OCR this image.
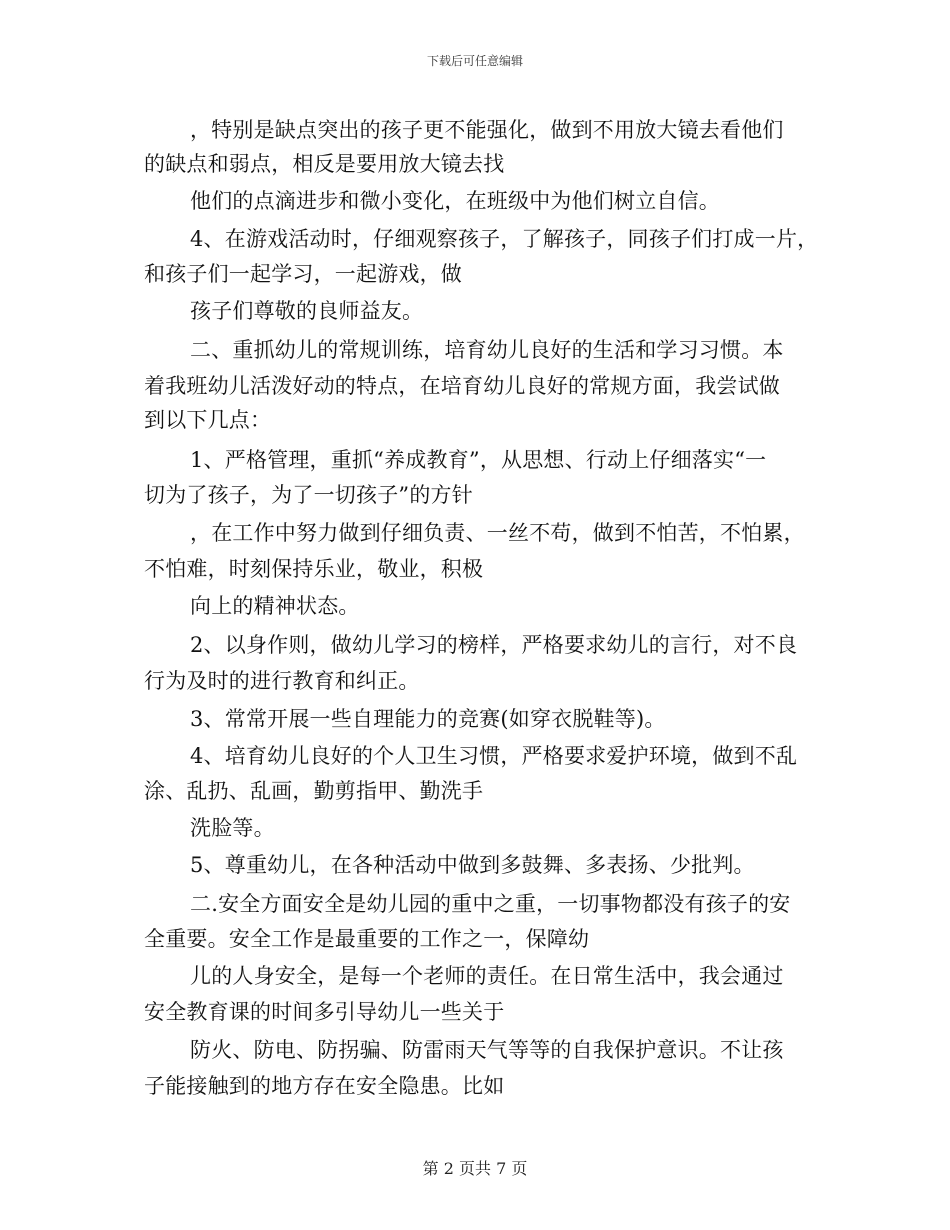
下载后可任意编辑
，特别是缺点突出的孩子更不能强化，做到不用放大镜去看他们
的缺点和弱点，相反是要用放大镜去找
他们的点滴进步和微小变化，在班级中为他们树立自信。
4、在游戏活动时，仔细观察孩子，了解孩子，同孩子们打成一片，
和孩子们一起学习，一起游戏，做
孩子们尊敬的良师益友。
二、重抓幼儿的常规训练，培育幼儿良好的生活和学习习惯。本
着我班幼儿活泼好动的特点，在培育幼儿良好的常规方面，我尝试做
到以下几点：
1、严格管理，重抓“养成教育”，从思想、行动上仔细落实“一
切为了孩子，为了一切孩子”的方针
，在工作中努力做到仔细负责、一丝不苟，做到不怕苦，不怕累，
不怕难，时刻保持乐业，敬业，积极
向上的精神状态。
2、以身作则，做幼儿学习的榜样，严格要求幼儿的言行，对不良
行为及时的进行教育和纠正。
3、常常开展一些自理能力的竞赛(如穿衣脱鞋等)。
4、培育幼儿良好的个人卫生习惯，严格要求爱护环境，做到不乱
涂、乱扔、乱画，勤剪指甲、勤洗手
洗脸等。
5、尊重幼儿，在各种活动中做到多鼓舞、多表扬、少批判。
二.安全方面安全是幼儿园的重中之重，一切事物都没有孩子的安
全重要。安全工作是最重要的工作之一，保障幼
儿的人身安全，是每一个老师的责任。在日常生活中，我会通过
安全教育课的时间多引导幼儿一些关于
防火、防电、防拐骗、防雷雨天气等等的自我保护意识。不让孩
子能接触到的地方存在安全隐患。比如
第 2 页共 7 页
